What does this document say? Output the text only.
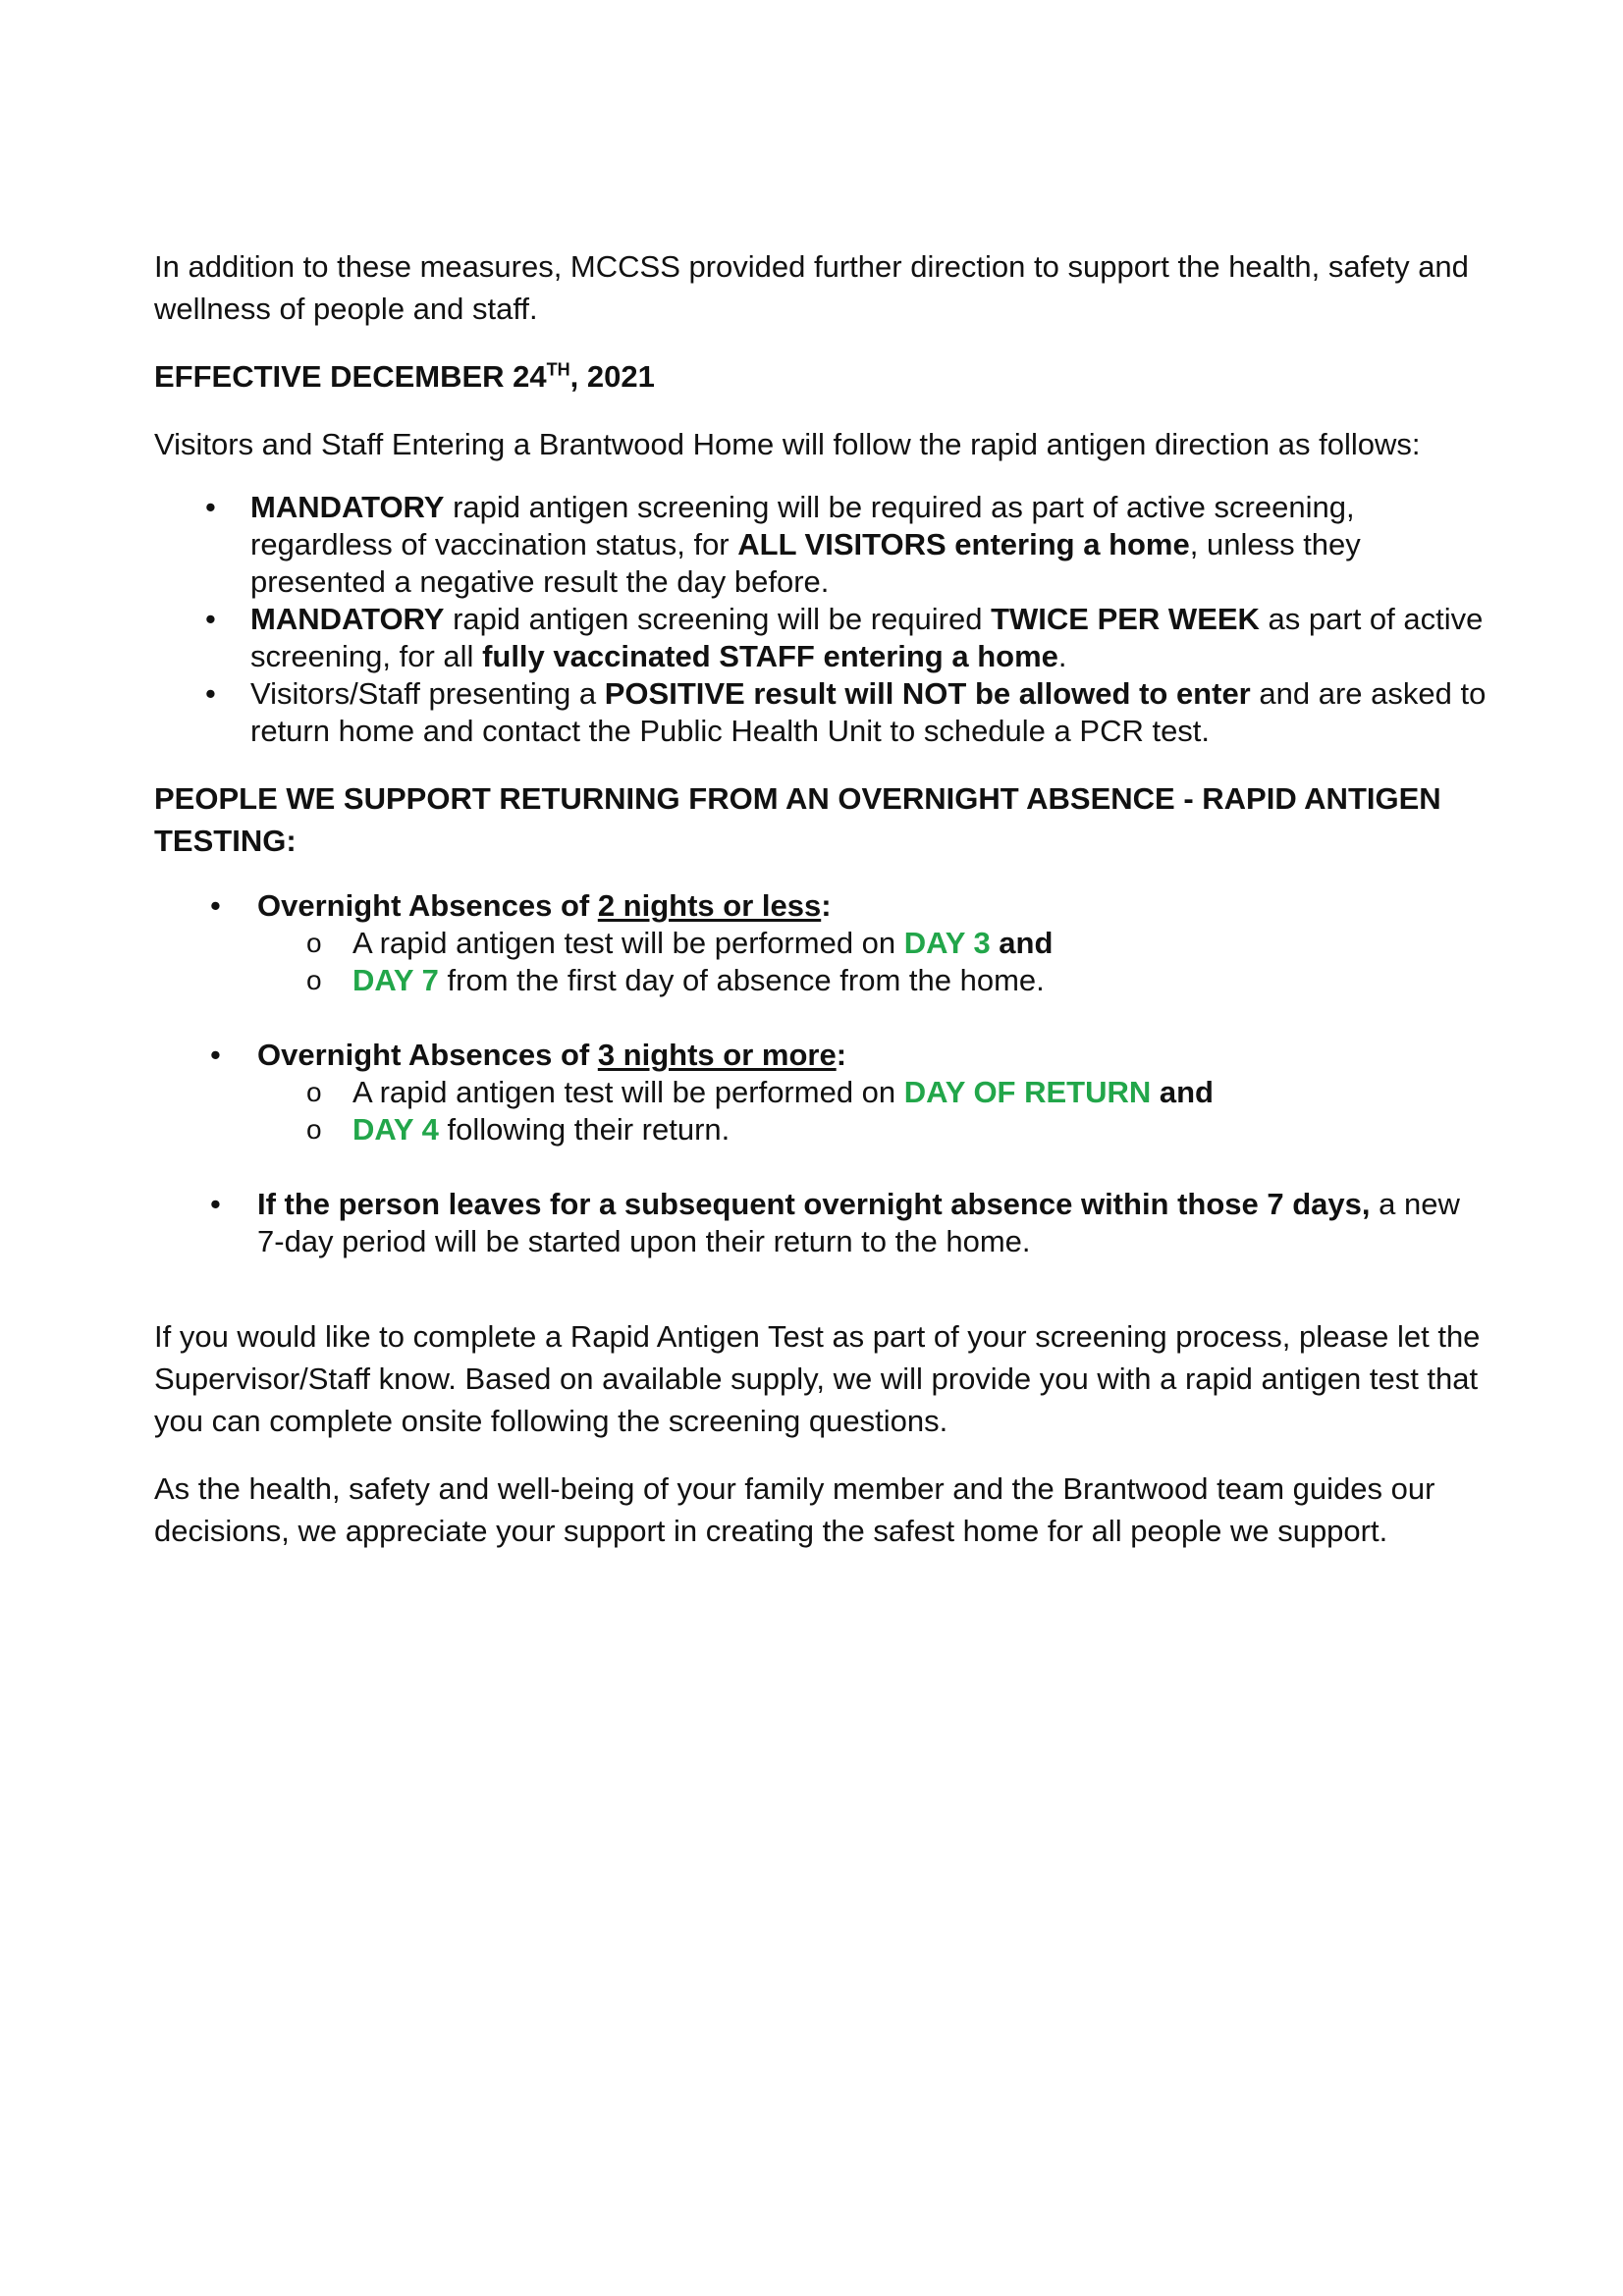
In addition to these measures, MCCSS provided further direction to support the health, safety and wellness of people and staff.

EFFECTIVE DECEMBER 24TH, 2021

Visitors and Staff Entering a Brantwood Home will follow the rapid antigen direction as follows:

• MANDATORY rapid antigen screening will be required as part of active screening, regardless of vaccination status, for ALL VISITORS entering a home, unless they presented a negative result the day before.
• MANDATORY rapid antigen screening will be required TWICE PER WEEK as part of active screening, for all fully vaccinated STAFF entering a home.
• Visitors/Staff presenting a POSITIVE result will NOT be allowed to enter and are asked to return home and contact the Public Health Unit to schedule a PCR test.
PEOPLE WE SUPPORT RETURNING FROM AN OVERNIGHT ABSENCE - RAPID ANTIGEN TESTING:
• Overnight Absences of 2 nights or less:
o A rapid antigen test will be performed on DAY 3 and
o DAY 7 from the first day of absence from the home.
• Overnight Absences of 3 nights or more:
o A rapid antigen test will be performed on DAY OF RETURN and
o DAY 4 following their return.
• If the person leaves for a subsequent overnight absence within those 7 days, a new 7-day period will be started upon their return to the home.

If you would like to complete a Rapid Antigen Test as part of your screening process, please let the Supervisor/Staff know. Based on available supply, we will provide you with a rapid antigen test that you can complete onsite following the screening questions.

As the health, safety and well-being of your family member and the Brantwood team guides our decisions, we appreciate your support in creating the safest home for all people we support.
